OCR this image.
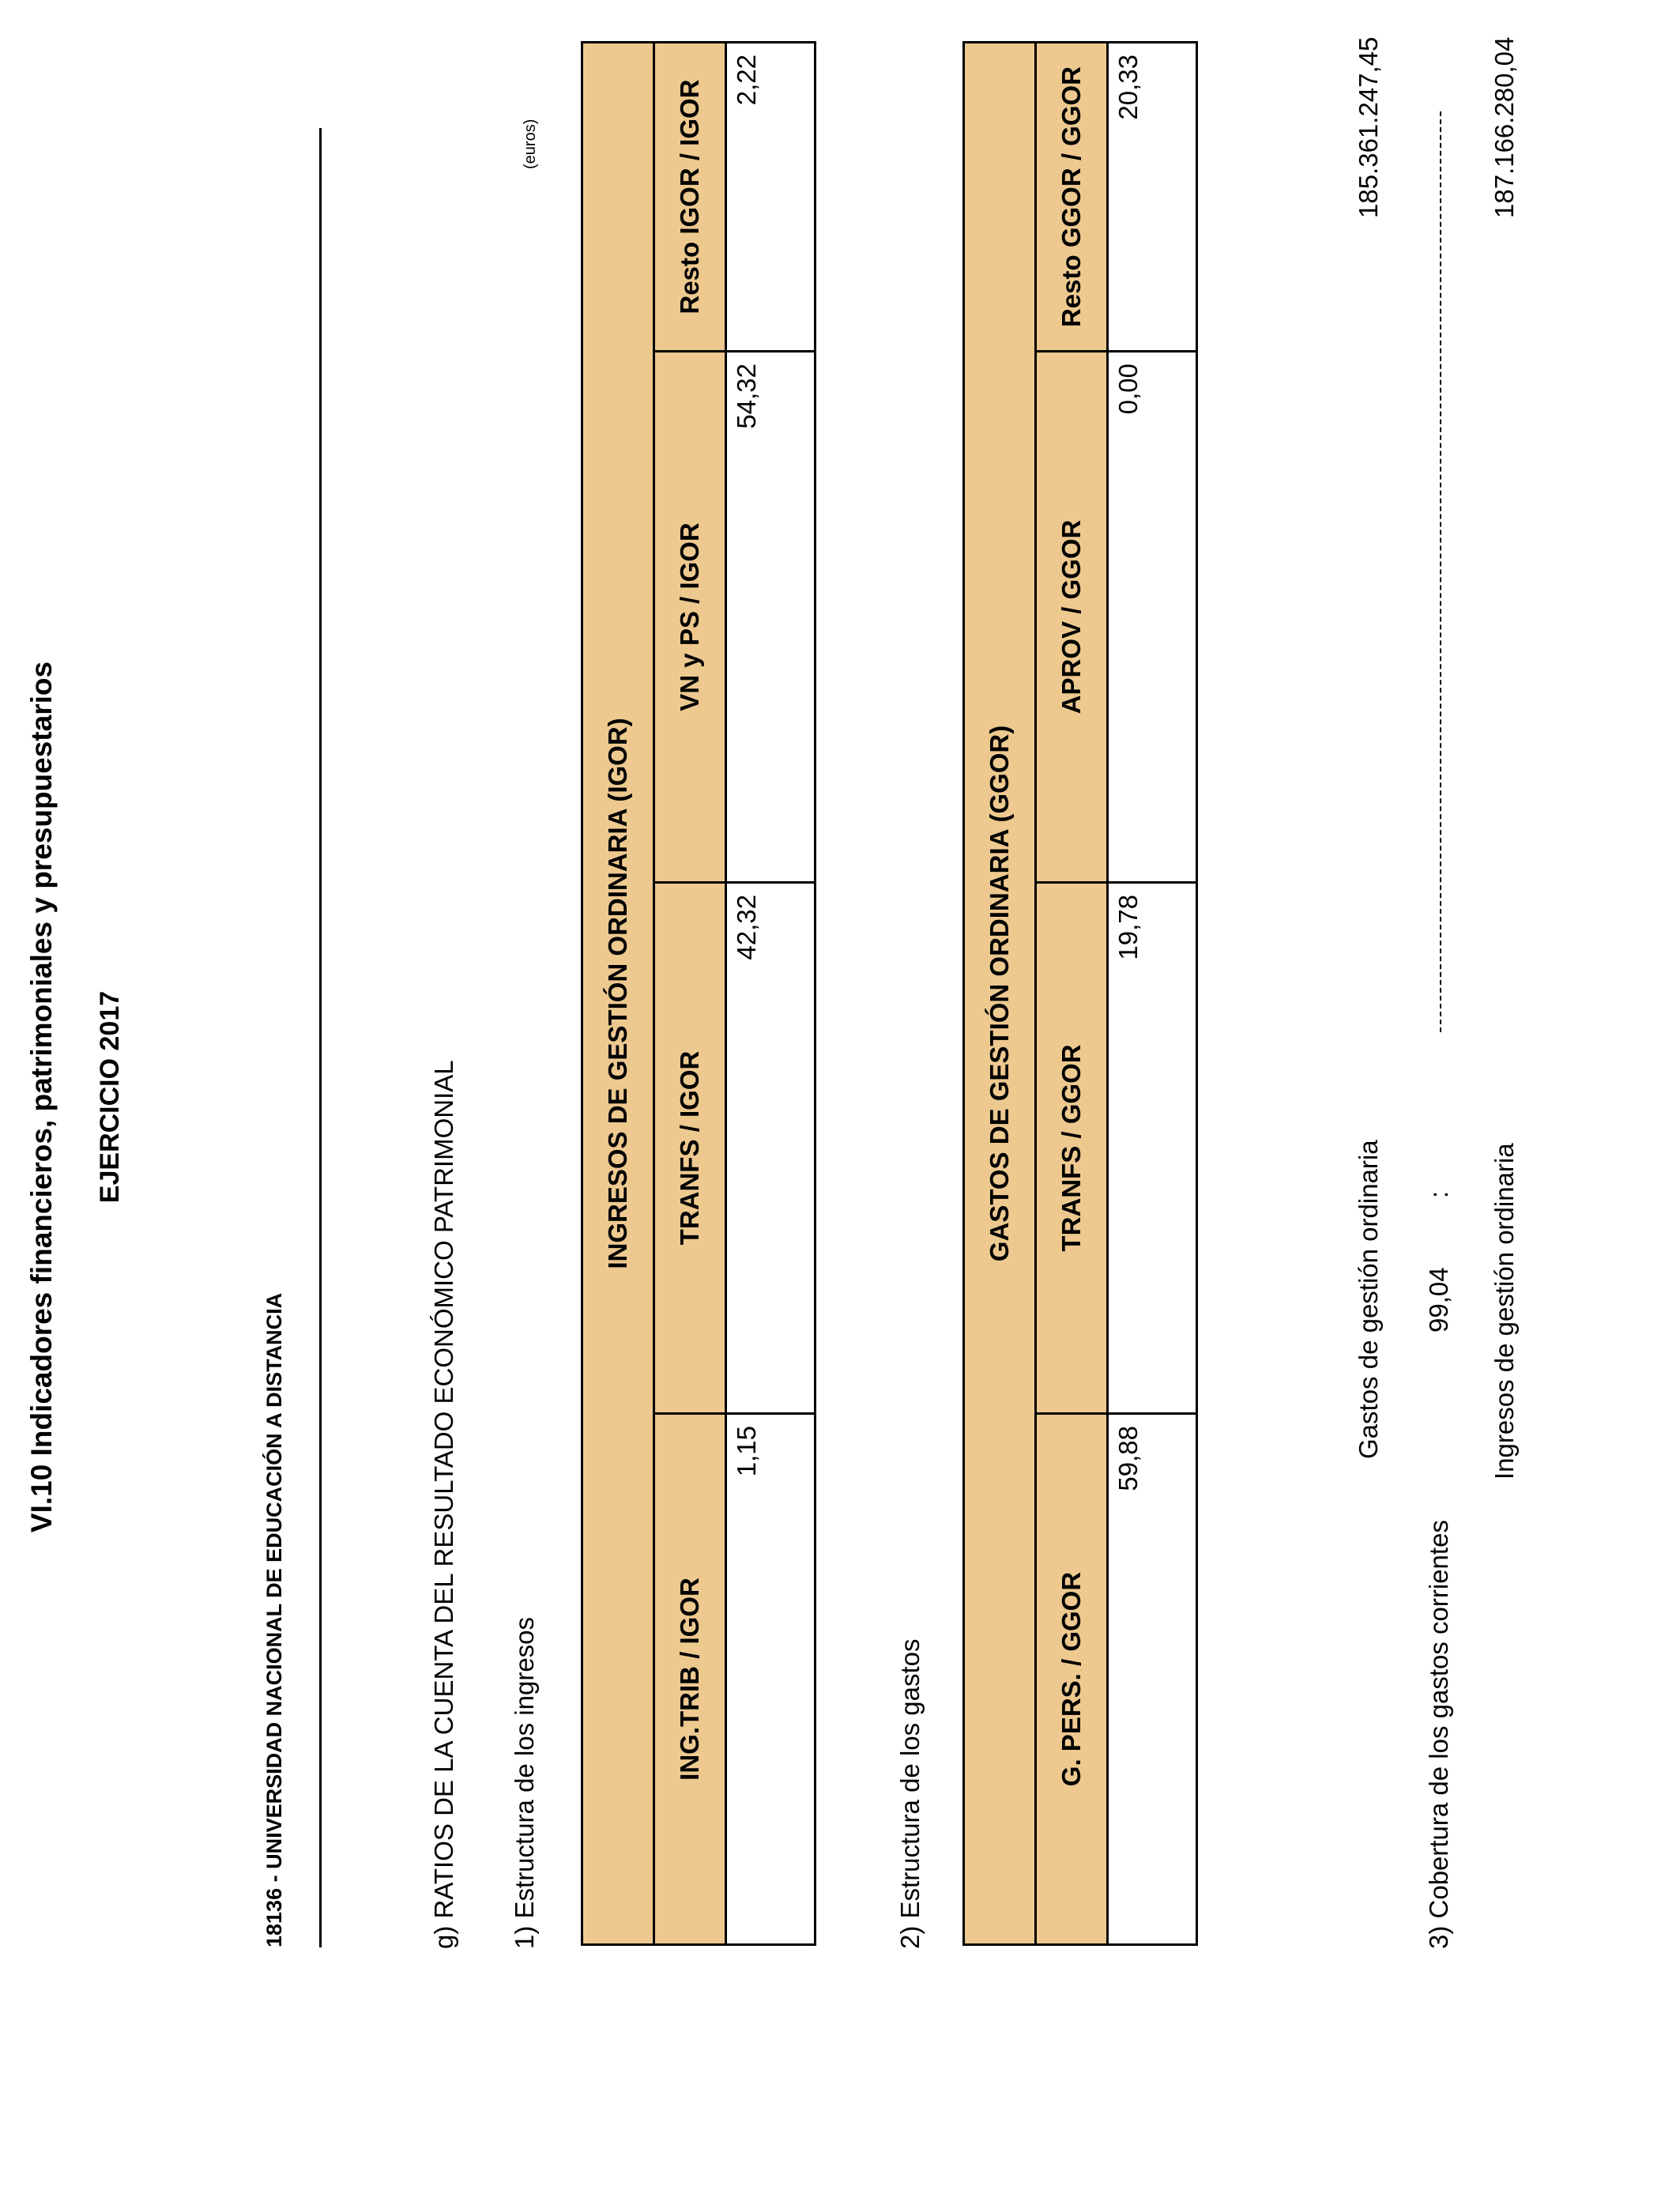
VI.10 Indicadores financieros, patrimoniales y presupuestarios EJERCICIO 2017
18136 - UNIVERSIDAD NACIONAL DE EDUCACIÓN A DISTANCIA	g) RATIOS DE LA CUENTA DEL RESULTADO ECONÓMICO PATRIMONIAL 1) Estructura de los ingresos
(euros)
INGRESOS DE GESTIÓN ORDINARIA (IGOR)			
ING.TRIB / IGOR	TRANFS / IGOR	VN y PS / IGOR	Resto IGOR / IGOR
1,15	42,32	54,32	2,22
2) Estructura de los gastos
GASTOS DE GESTIÓN ORDINARIA (GGOR)			
G. PERS. / GGOR	TRANFS / GGOR	APROV / GGOR	Resto GGOR / GGOR
59,88	19,78	0,00	20,33
Gastos de gestión ordinaria
185.361.247,45
3) Cobertura de los gastos corrientes
99,04
: Ingresos de gestión ordinaria
187.166.280,04
